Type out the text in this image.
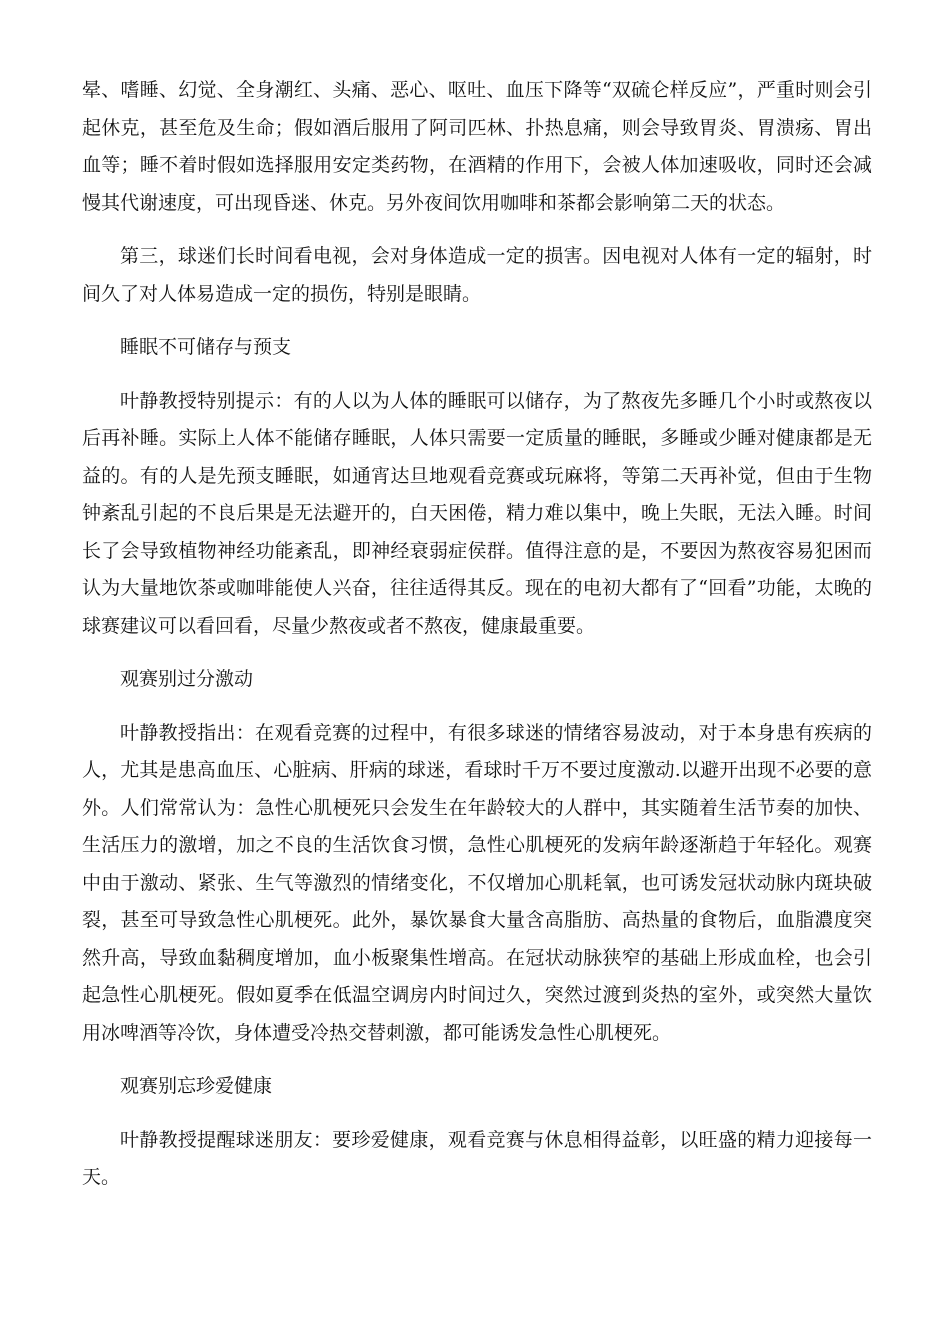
晕、嗜睡、幻觉、全身潮红、头痛、恶心、呕吐、血压下降等“双硫仑样反应”，严重时则会引起休克，甚至危及生命；假如酒后服用了阿司匹林、扑热息痛，则会导致胃炎、胃溃疡、胃出血等；睡不着时假如选择服用安定类药物，在酒精的作用下，会被人体加速吸收，同时还会减慢其代谢速度，可出现昏迷、休克。另外夜间饮用咖啡和茶都会影响第二天的状态。

第三，球迷们长时间看电视，会对身体造成一定的损害。因电视对人体有一定的辐射，时间久了对人体易造成一定的损伤，特别是眼睛。

睡眠不可储存与预支

叶静教授特别提示：有的人以为人体的睡眠可以储存，为了熬夜先多睡几个小时或熬夜以后再补睡。实际上人体不能储存睡眠，人体只需要一定质量的睡眠，多睡或少睡对健康都是无益的。有的人是先预支睡眠，如通宵达旦地观看竞赛或玩麻将，等第二天再补觉，但由于生物钟紊乱引起的不良后果是无法避开的，白天困倦，精力难以集中，晚上失眠，无法入睡。时间长了会导致植物神经功能紊乱，即神经衰弱症侯群。值得注意的是，不要因为熬夜容易犯困而认为大量地饮茶或咖啡能使人兴奋，往往适得其反。现在的电初大都有了“回看”功能，太晚的球赛建议可以看回看，尽量少熬夜或者不熬夜，健康最重要。

观赛别过分激动

叶静教授指出：在观看竞赛的过程中，有很多球迷的情绪容易波动，对于本身患有疾病的人，尤其是患高血压、心脏病、肝病的球迷，看球时千万不要过度激动.以避开出现不必要的意外。人们常常认为：急性心肌梗死只会发生在年龄较大的人群中，其实随着生活节奏的加快、生活压力的激增，加之不良的生活饮食习惯，急性心肌梗死的发病年龄逐渐趋于年轻化。观赛中由于激动、紧张、生气等激烈的情绪变化，不仅增加心肌耗氧，也可诱发冠状动脉内斑块破裂，甚至可导致急性心肌梗死。此外，暴饮暴食大量含高脂肪、高热量的食物后，血脂濃度突然升高，导致血黏稠度增加，血小板聚集性增高。在冠状动脉狭窄的基础上形成血栓，也会引起急性心肌梗死。假如夏季在低温空调房内时间过久，突然过渡到炎热的室外，或突然大量饮用冰啤酒等冷饮，身体遭受冷热交替刺激，都可能诱发急性心肌梗死。

观赛别忘珍爱健康

叶静教授提醒球迷朋友：要珍爱健康，观看竞赛与休息相得益彰，以旺盛的精力迎接每一天。
